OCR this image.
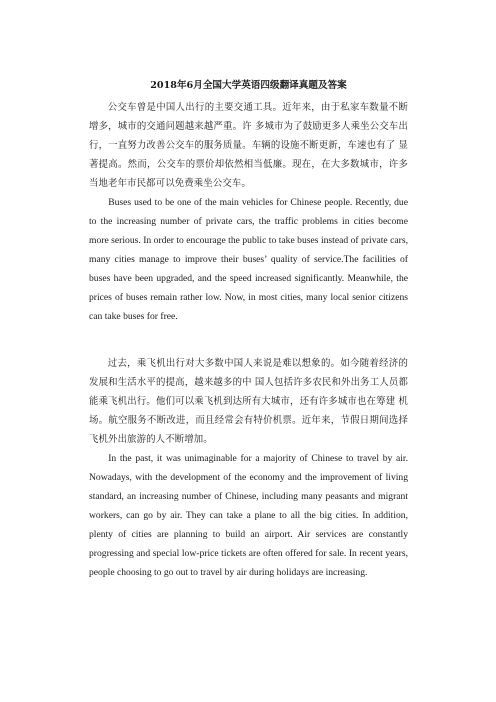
2018年6月全国大学英语四级翻译真题及答案

公交车曾是中国人出行的主要交通工具。近年来，由于私家车数量不断增多，城市的交通问题越来越严重。许 多城市为了鼓励更多人乘坐公交车出行，一直努力改善公交车的服务质量。车辆的设施不断更新，车速也有了 显著提高。然而，公交车的票价却依然相当低廉。现在，在大多数城市，许多当地老年市民都可以免费乘坐公交车。

Buses used to be one of the main vehicles for Chinese people. Recently, due to the increasing number of private cars, the traffic problems in cities become more serious. In order to encourage the public to take buses instead of private cars, many cities manage to improve their buses’ quality of service.The facilities of buses have been upgraded, and the speed increased significantly. Meanwhile, the prices of buses remain rather low. Now, in most cities, many local senior citizens can take buses for free.

过去，乘飞机出行对大多数中国人来说是难以想象的。如今随着经济的发展和生活水平的提高，越来越多的中 国人包括许多农民和外出务工人员都能乘飞机出行。他们可以乘飞机到达所有大城市，还有许多城市也在筹建 机场。航空服务不断改进，而且经常会有特价机票。近年来，节假日期间选择飞机外出旅游的人不断增加。

In the past, it was unimaginable for a majority of Chinese to travel by air. Nowadays, with the development of the economy and the improvement of living standard, an increasing number of Chinese, including many peasants and migrant workers, can go by air. They can take a plane to all the big cities. In addition, plenty of cities are planning to build an airport. Air services are constantly progressing and special low-price tickets are often offered for sale. In recent years, people choosing to go out to travel by air during holidays are increasing.
